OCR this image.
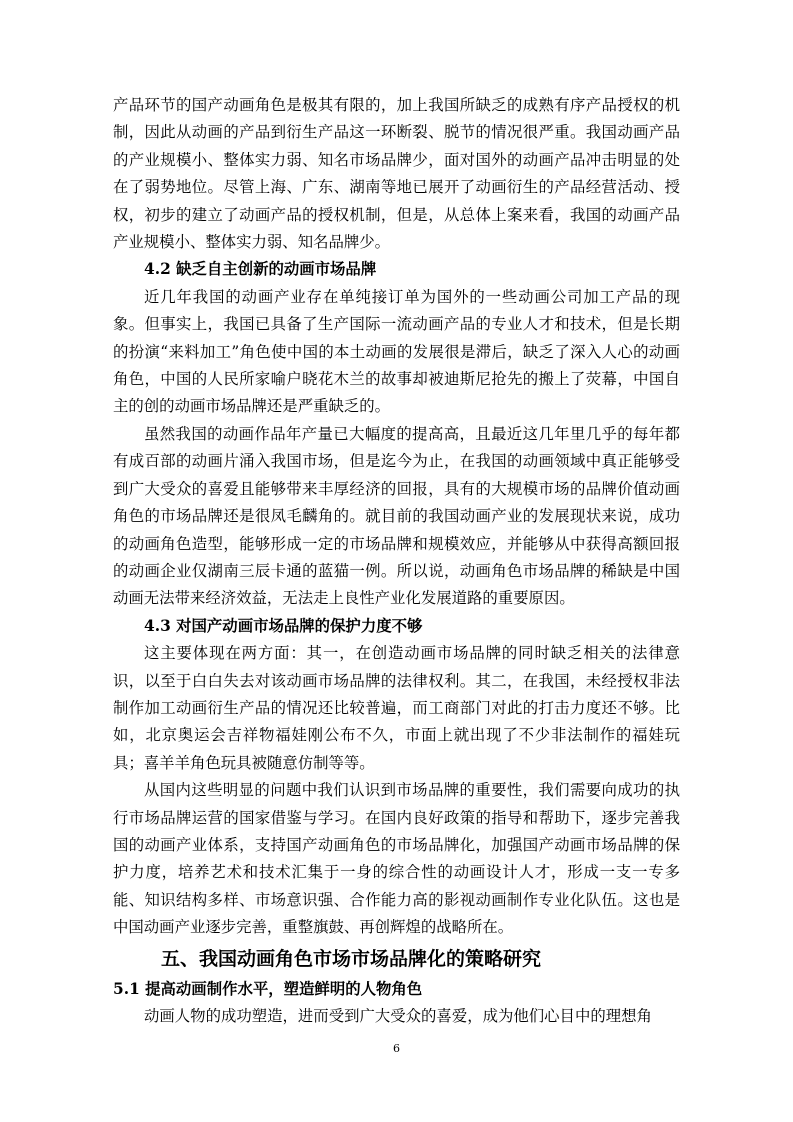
产品环节的国产动画角色是极其有限的，加上我国所缺乏的成熟有序产品授权的机制，因此从动画的产品到衍生产品这一环断裂、脱节的情况很严重。我国动画产品的产业规模小、整体实力弱、知名市场品牌少，面对国外的动画产品冲击明显的处在了弱势地位。尽管上海、广东、湖南等地已展开了动画衍生的产品经营活动、授权，初步的建立了动画产品的授权机制，但是，从总体上案来看，我国的动画产品产业规模小、整体实力弱、知名品牌少。

4.2 缺乏自主创新的动画市场品牌

近几年我国的动画产业存在单纯接订单为国外的一些动画公司加工产品的现象。但事实上，我国已具备了生产国际一流动画产品的专业人才和技术，但是长期的扮演“来料加工”角色使中国的本土动画的发展很是滞后，缺乏了深入人心的动画角色，中国的人民所家喻户晓花木兰的故事却被迪斯尼抢先的搬上了荧幕，中国自主的创的动画市场品牌还是严重缺乏的。

虽然我国的动画作品年产量已大幅度的提高高，且最近这几年里几乎的每年都有成百部的动画片涌入我国市场，但是迄今为止，在我国的动画领域中真正能够受到广大受众的喜爱且能够带来丰厚经济的回报，具有的大规模市场的品牌价值动画角色的市场品牌还是很凤毛麟角的。就目前的我国动画产业的发展现状来说，成功的动画角色造型，能够形成一定的市场品牌和规模效应，并能够从中获得高额回报的动画企业仅湖南三辰卡通的蓝猫一例。所以说，动画角色市场品牌的稀缺是中国动画无法带来经济效益，无法走上良性产业化发展道路的重要原因。

4.3 对国产动画市场品牌的保护力度不够

这主要体现在两方面：其一，在创造动画市场品牌的同时缺乏相关的法律意识，以至于白白失去对该动画市场品牌的法律权利。其二，在我国，未经授权非法制作加工动画衍生产品的情况还比较普遍，而工商部门对此的打击力度还不够。比如，北京奥运会吉祥物福娃刚公布不久，市面上就出现了不少非法制作的福娃玩具；喜羊羊角色玩具被随意仿制等等。

从国内这些明显的问题中我们认识到市场品牌的重要性，我们需要向成功的执行市场品牌运营的国家借鉴与学习。在国内良好政策的指导和帮助下，逐步完善我国的动画产业体系，支持国产动画角色的市场品牌化，加强国产动画市场品牌的保护力度，培养艺术和技术汇集于一身的综合性的动画设计人才，形成一支一专多能、知识结构多样、市场意识强、合作能力高的影视动画制作专业化队伍。这也是中国动画产业逐步完善，重整旗鼓、再创辉煌的战略所在。

五、我国动画角色市场市场品牌化的策略研究

5.1 提高动画制作水平，塑造鲜明的人物角色

动画人物的成功塑造，进而受到广大受众的喜爱，成为他们心目中的理想角

6
